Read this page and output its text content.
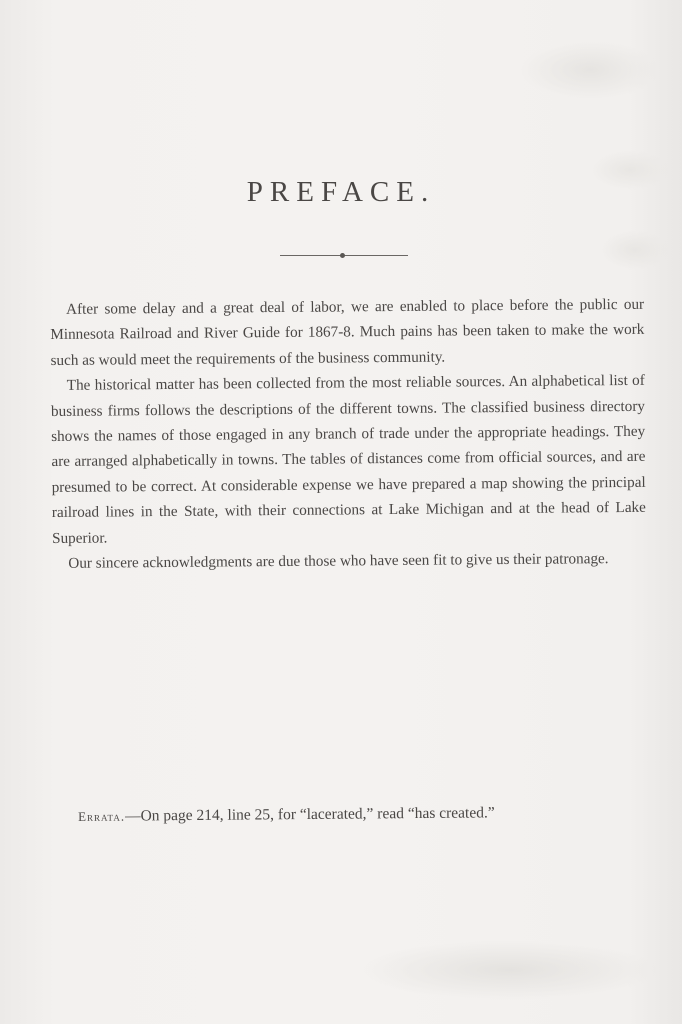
PREFACE.

After some delay and a great deal of labor, we are enabled to place before the public our Minnesota Railroad and River Guide for 1867-8. Much pains has been taken to make the work such as would meet the requirements of the business community.

The historical matter has been collected from the most reliable sources. An alphabetical list of business firms follows the descriptions of the different towns. The classified business directory shows the names of those engaged in any branch of trade under the appropriate headings. They are arranged alphabetically in towns. The tables of distances come from official sources, and are presumed to be correct. At considerable expense we have prepared a map showing the principal railroad lines in the State, with their connections at Lake Michigan and at the head of Lake Superior.

Our sincere acknowledgments are due those who have seen fit to give us their patronage.

Errata.—On page 214, line 25, for “lacerated,” read “has created.”
